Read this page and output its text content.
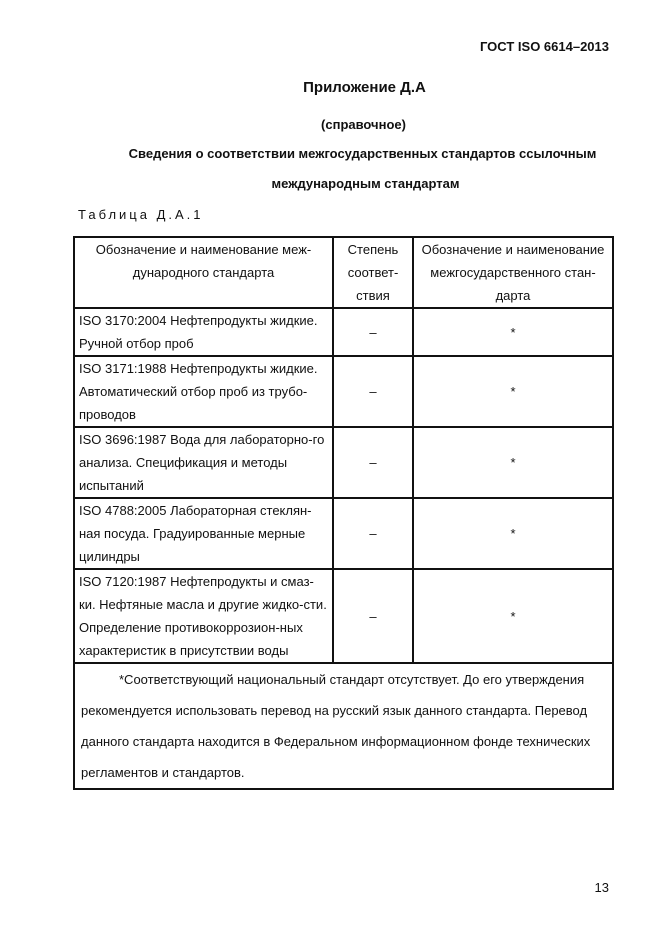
ГОСТ ISO 6614–2013
Приложение Д.А
(справочное)
Сведения о соответствии межгосударственных стандартов ссылочным
международным стандартам
Таблица Д.А.1
Обозначение и наименование меж-дународного стандарта	Степень соответ-ствия	Обозначение и наименование межгосударственного стан-дарта
ISO 3170:2004 Нефтепродукты жидкие. Ручной отбор проб	–	*
ISO 3171:1988 Нефтепродукты жидкие. Автоматический отбор проб из трубо-проводов	–	*
ISO 3696:1987 Вода для лабораторно-го анализа. Спецификация и методы испытаний	–	*
ISO 4788:2005 Лабораторная стеклян-ная посуда. Градуированные мерные цилиндры	–	*
ISO 7120:1987 Нефтепродукты и смаз-ки. Нефтяные масла и другие жидко-сти. Определение противокоррозион-ных характеристик в присутствии воды	–	*
*Соответствующий национальный стандарт отсутствует. До его утверждения рекомендуется использовать перевод на русский язык данного стандарта. Перевод данного стандарта находится в Федеральном информационном фонде технических регламентов и стандартов.		
13
